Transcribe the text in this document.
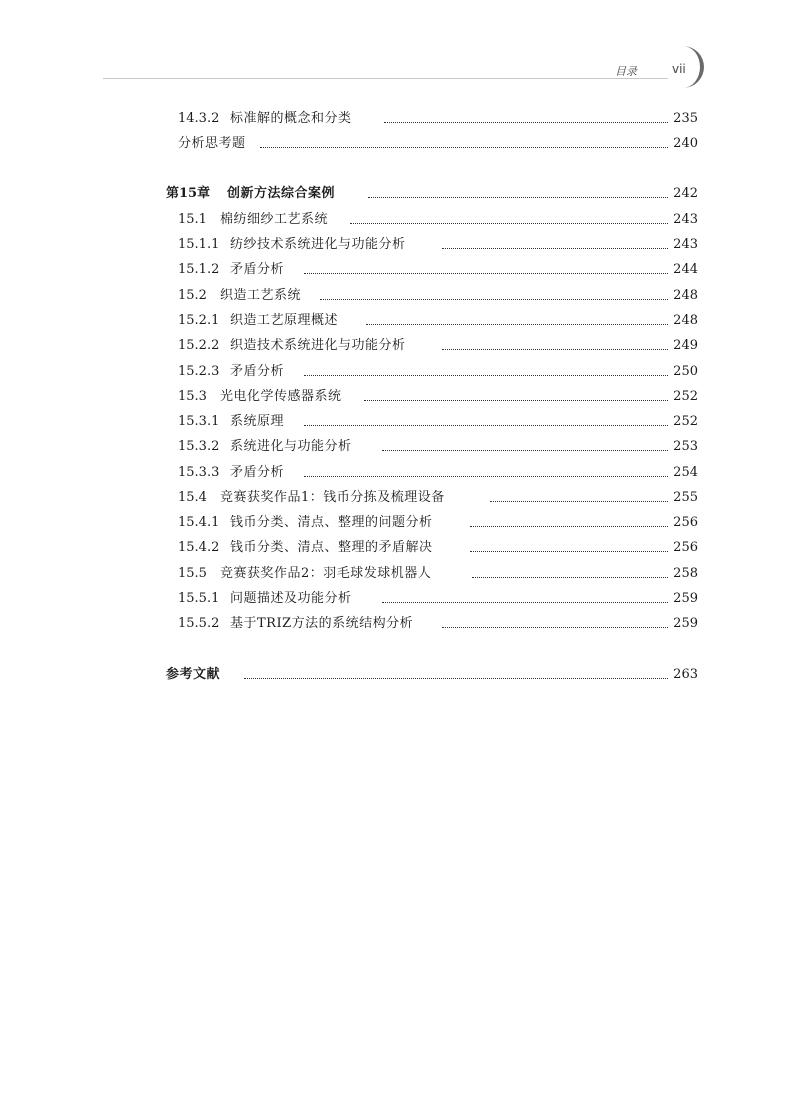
目录	vii
14.3.2 标准解的概念和分类	235
分析思考题	240
第15章 创新方法综合案例	242
15.1 棉纺细纱工艺系统	243
15.1.1 纺纱技术系统进化与功能分析	243
15.1.2 矛盾分析	244
15.2 织造工艺系统	248
15.2.1 织造工艺原理概述	248
15.2.2 织造技术系统进化与功能分析	249
15.2.3 矛盾分析	250
15.3 光电化学传感器系统	252
15.3.1 系统原理	252
15.3.2 系统进化与功能分析	253
15.3.3 矛盾分析	254
15.4 竞赛获奖作品1：钱币分拣及梳理设备	255
15.4.1 钱币分类、清点、整理的问题分析	256
15.4.2 钱币分类、清点、整理的矛盾解决	256
15.5 竞赛获奖作品2：羽毛球发球机器人	258
15.5.1 问题描述及功能分析	259
15.5.2 基于TRIZ方法的系统结构分析	259
参考文献	263
